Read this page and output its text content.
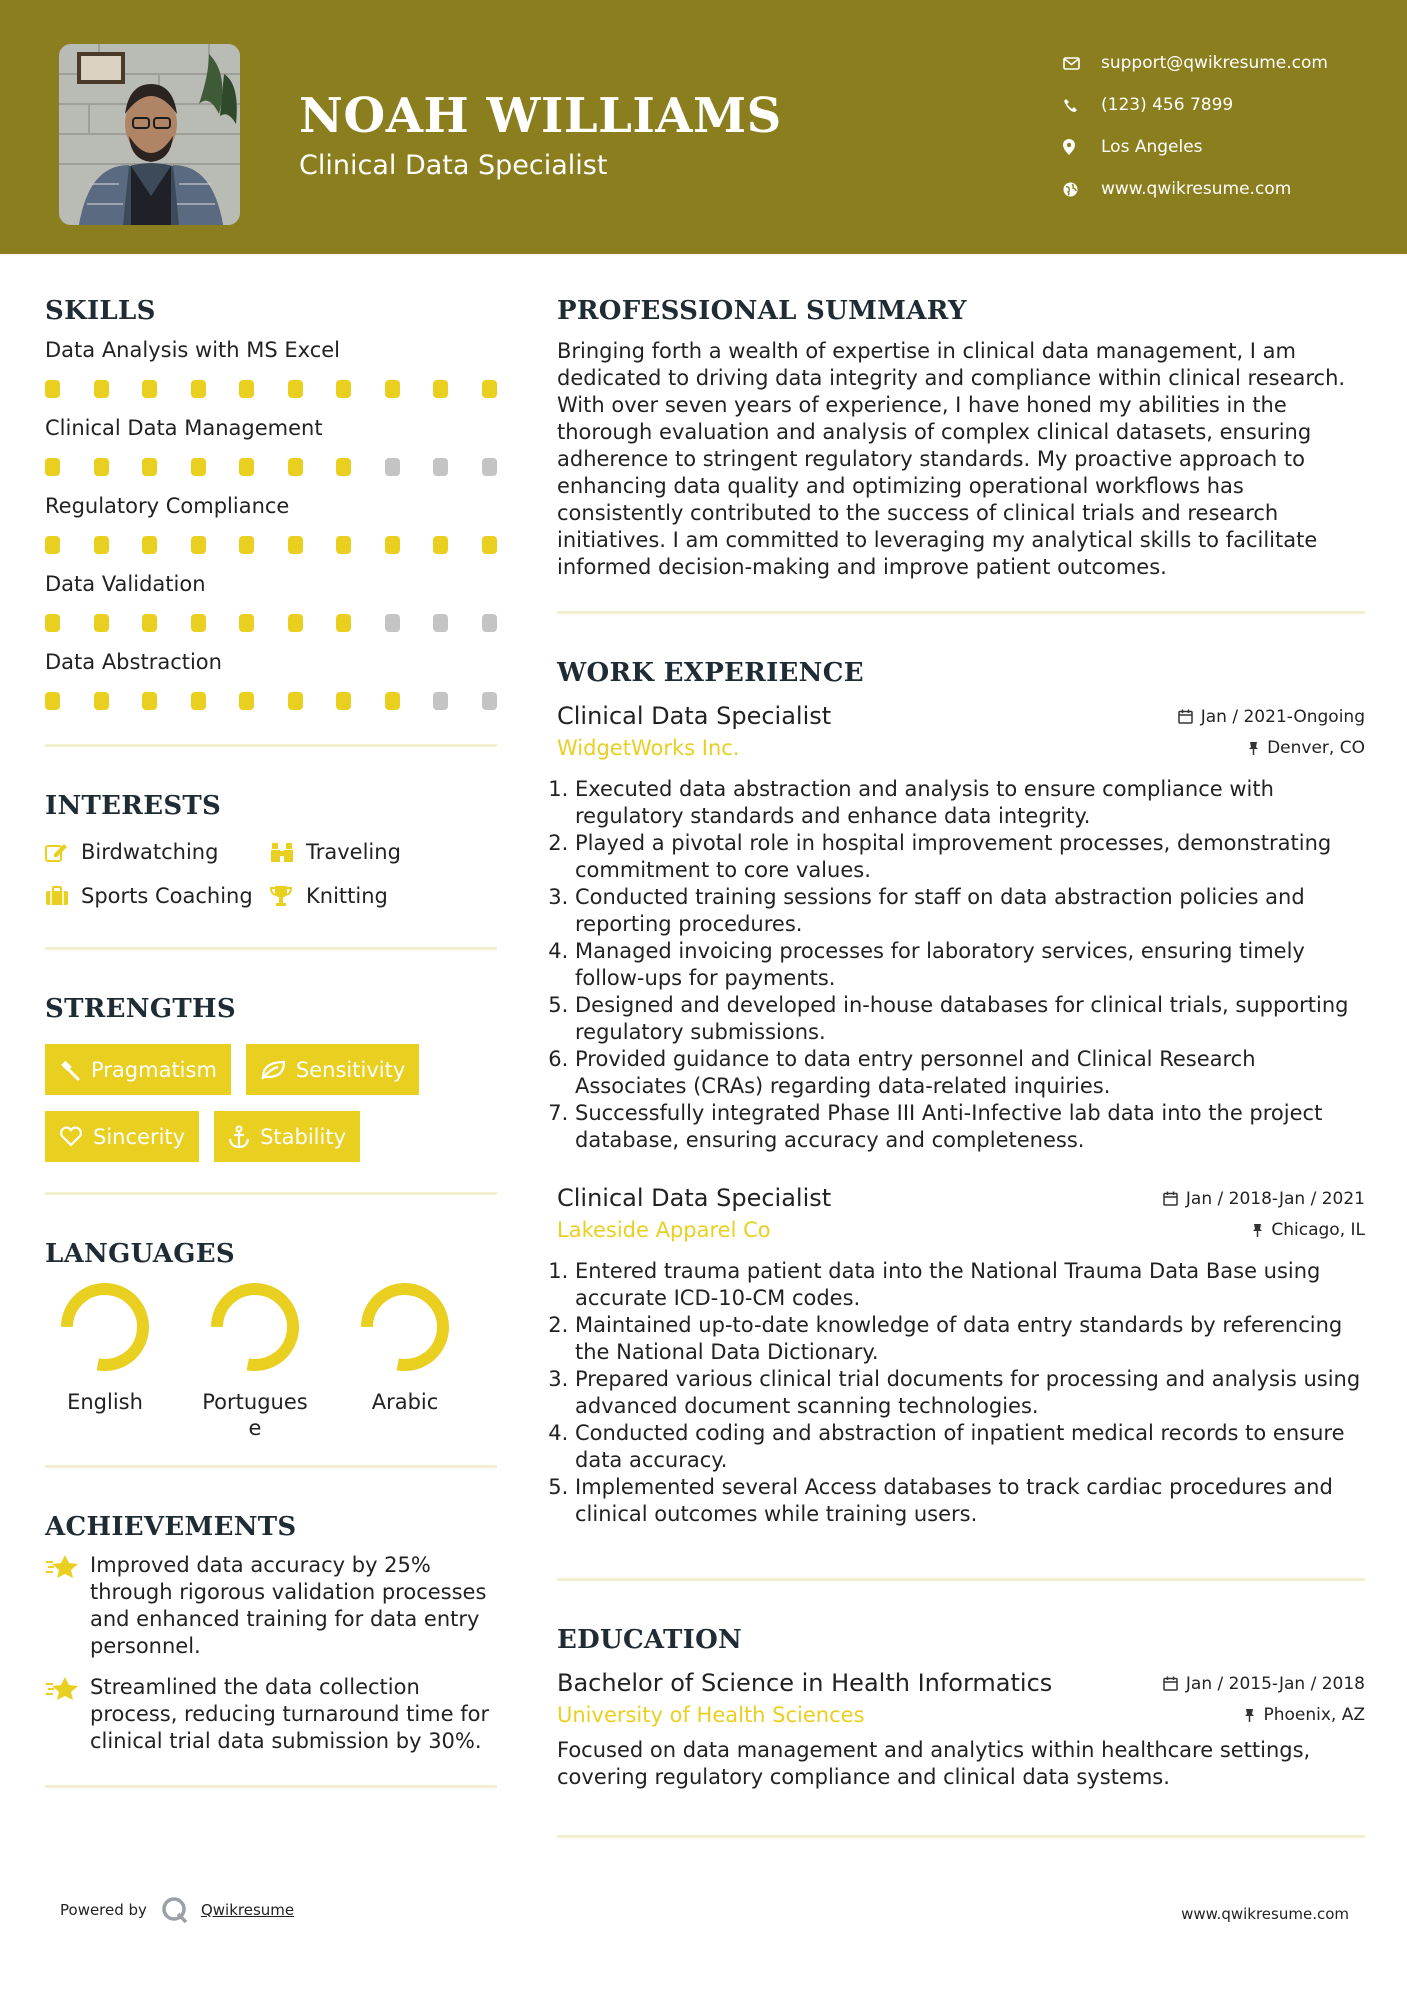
NOAH WILLIAMS
Clinical Data Specialist
support@qwikresume.com
(123) 456 7899
Los Angeles
www.qwikresume.com
SKILLS
Data Analysis with MS Excel
Clinical Data Management
Regulatory Compliance
Data Validation
Data Abstraction
INTERESTS
Birdwatching	Traveling
Sports Coaching	Knitting
STRENGTHS
Pragmatism	Sensitivity
Sincerity	Stability
LANGUAGES
English	Portuguese
Arabic
ACHIEVEMENTS
Improved data accuracy by 25% through rigorous validation processes and enhanced training for data entry personnel.
Streamlined the data collection process, reducing turnaround time for clinical trial data submission by 30%.
PROFESSIONAL SUMMARY
Bringing forth a wealth of expertise in clinical data management, I am dedicated to driving data integrity and compliance within clinical research. With over seven years of experience, I have honed my abilities in the thorough evaluation and analysis of complex clinical datasets, ensuring adherence to stringent regulatory standards. My proactive approach to enhancing data quality and optimizing operational workflows has consistently contributed to the success of clinical trials and research initiatives. I am committed to leveraging my analytical skills to facilitate informed decision-making and improve patient outcomes.
WORK EXPERIENCE
Clinical Data Specialist	Jan / 2021-Ongoing
WidgetWorks Inc.	Denver, CO
1. Executed data abstraction and analysis to ensure compliance with regulatory standards and enhance data integrity.
2. Played a pivotal role in hospital improvement processes, demonstrating commitment to core values.
3. Conducted training sessions for staff on data abstraction policies and reporting procedures.
4. Managed invoicing processes for laboratory services, ensuring timely follow-ups for payments.
5. Designed and developed in-house databases for clinical trials, supporting regulatory submissions.
6. Provided guidance to data entry personnel and Clinical Research Associates (CRAs) regarding data-related inquiries.
7. Successfully integrated Phase III Anti-Infective lab data into the project database, ensuring accuracy and completeness.
Clinical Data Specialist	Jan / 2018-Jan / 2021
Lakeside Apparel Co	Chicago, IL
1. Entered trauma patient data into the National Trauma Data Base using accurate ICD-10-CM codes.
2. Maintained up-to-date knowledge of data entry standards by referencing the National Data Dictionary.
3. Prepared various clinical trial documents for processing and analysis using advanced document scanning technologies.
4. Conducted coding and abstraction of inpatient medical records to ensure data accuracy.
5. Implemented several Access databases to track cardiac procedures and clinical outcomes while training users.
EDUCATION
Bachelor of Science in Health Informatics	Jan / 2015-Jan / 2018
University of Health Sciences	Phoenix, AZ
Focused on data management and analytics within healthcare settings, covering regulatory compliance and clinical data systems.
Powered by	Qwikresume	www.qwikresume.com
